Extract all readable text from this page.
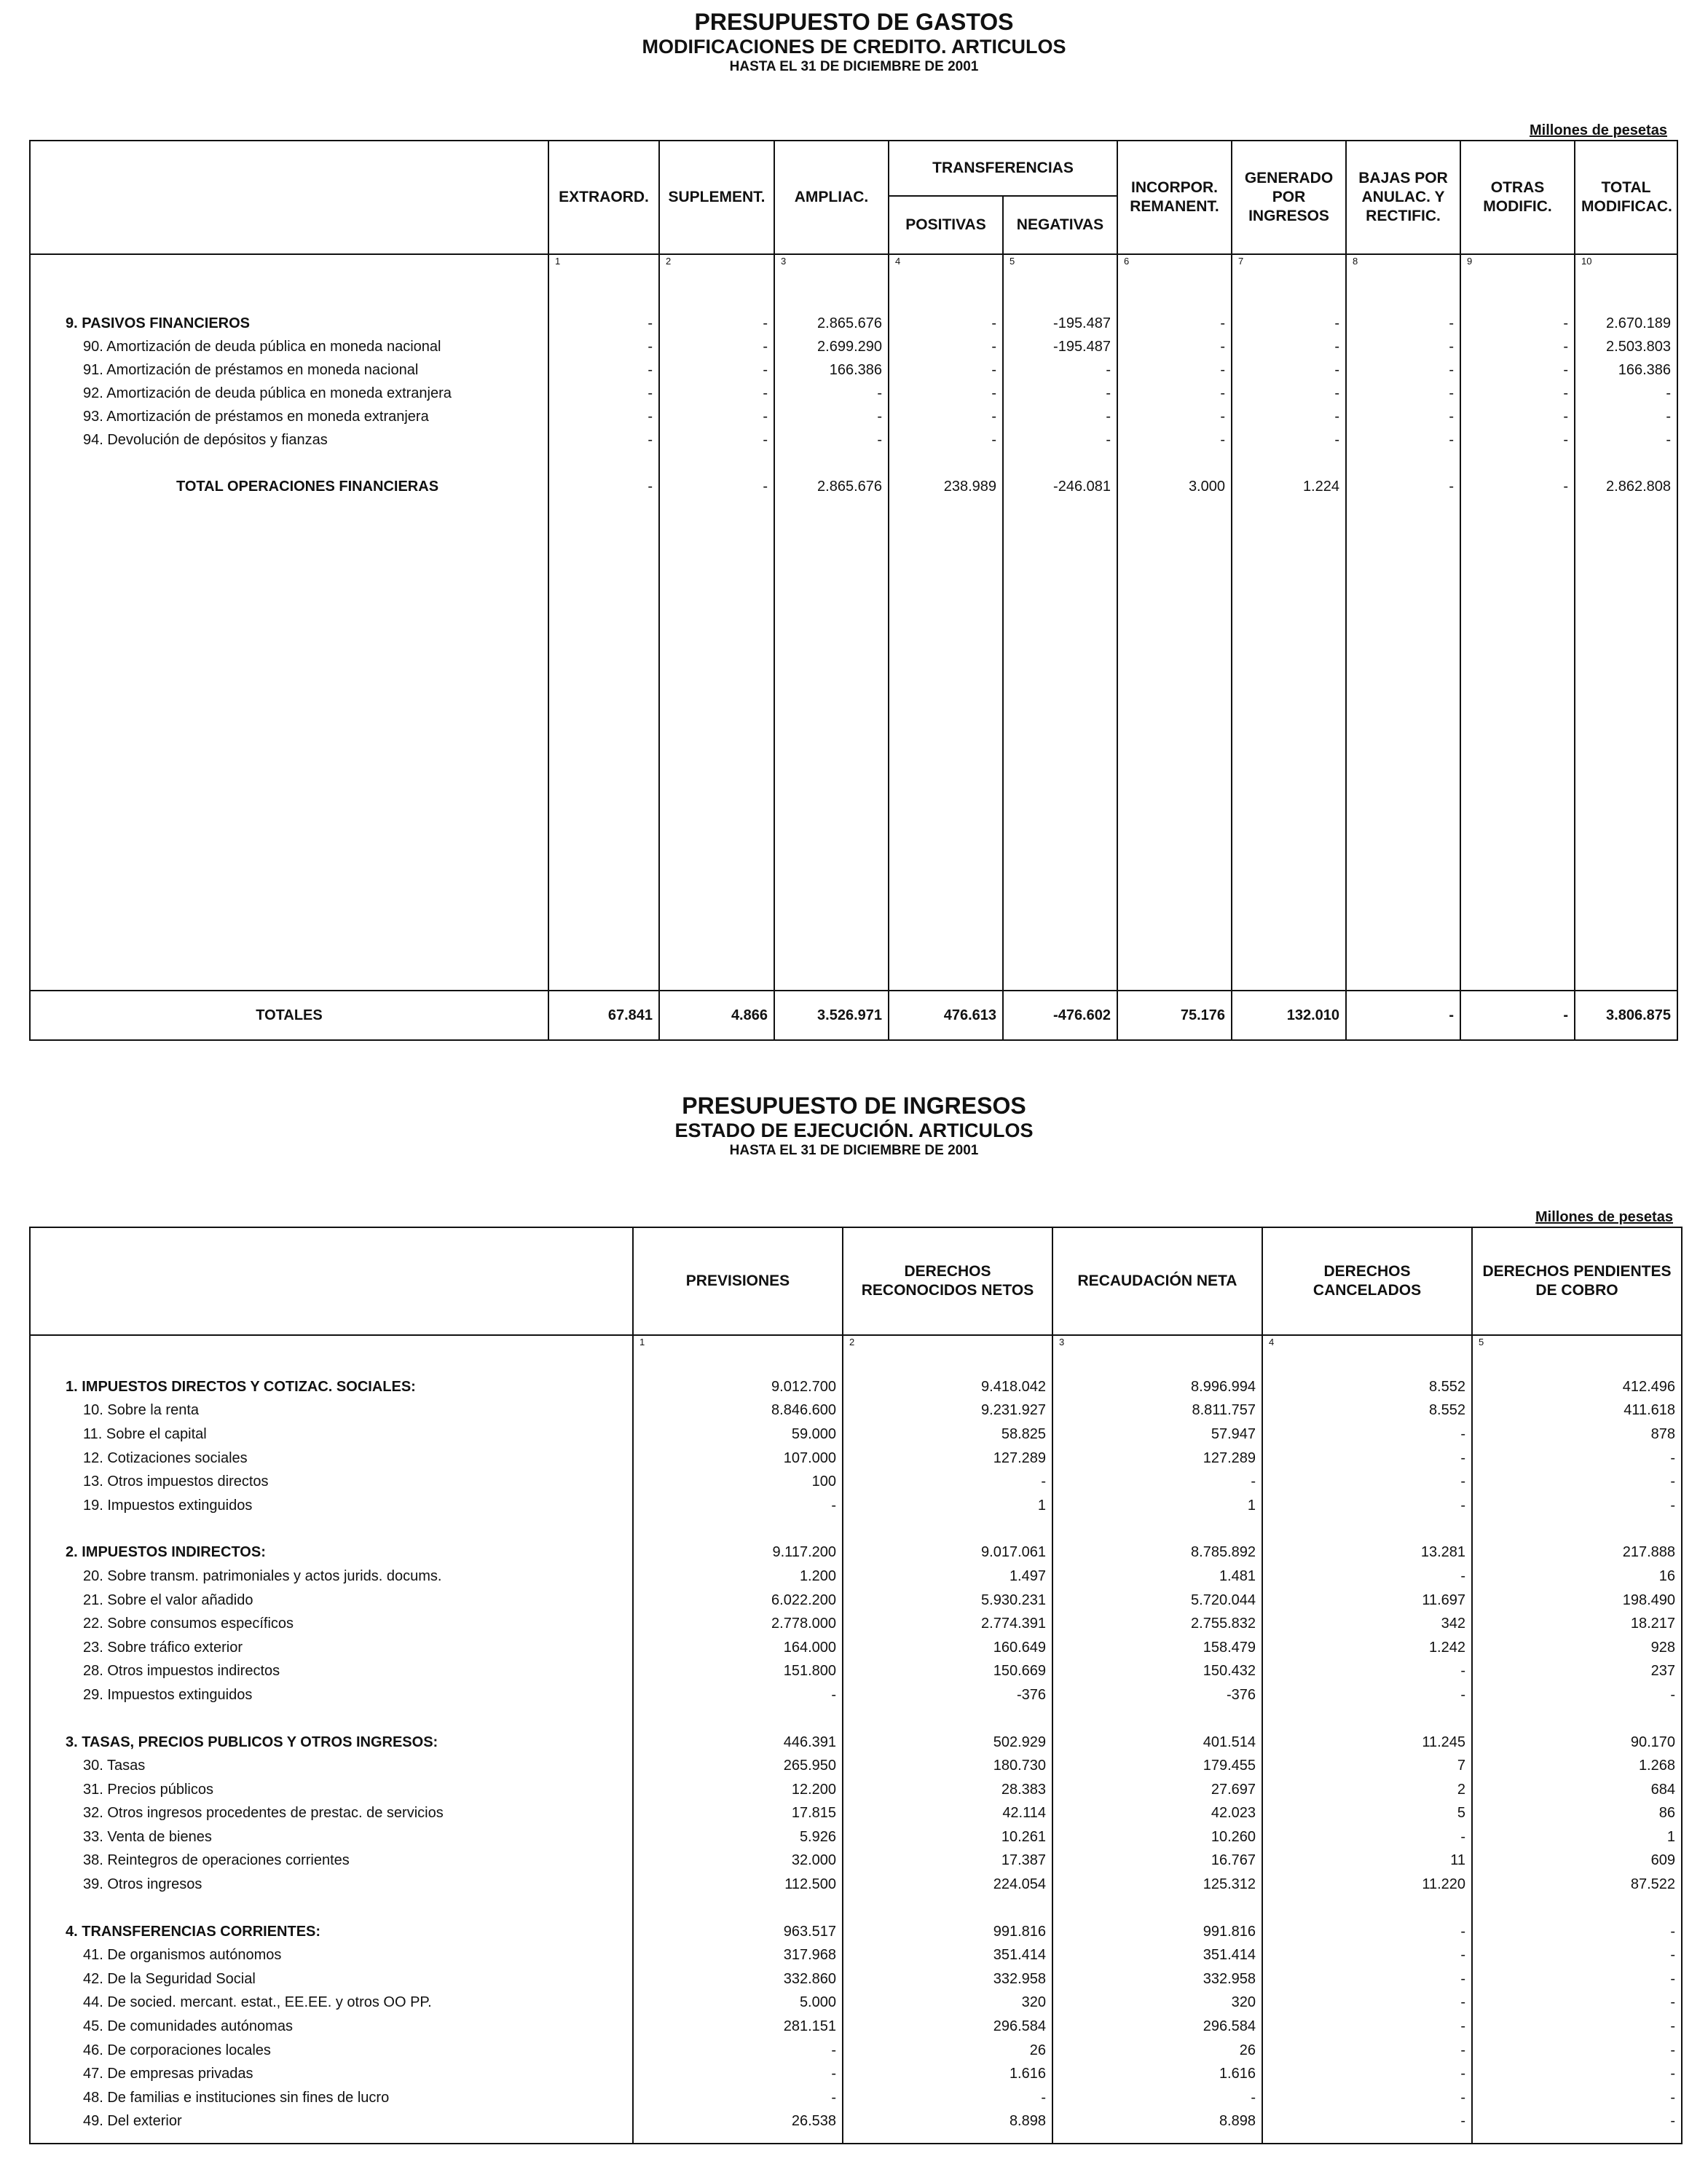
PRESUPUESTO DE GASTOS
MODIFICACIONES DE CREDITO. ARTICULOS
HASTA EL 31 DE DICIEMBRE DE 2001
Millones de pesetas
	EXTRAORD.	SUPLEMENT.	AMPLIAC.	TRANSFERENCIAS		INCORPOR. REMANENT.	GENERADO POR INGRESOS	BAJAS POR ANULAC. Y RECTIFIC.	OTRAS MODIFIC.	TOTAL MODIFICAC.
				POSITIVAS	NEGATIVAS					
	1	2	3	4	5	6	7	8	9	10

9. PASIVOS FINANCIEROS	-	-	2.865.676	-	-195.487	-	-	-	-	2.670.189
90. Amortización de deuda pública en moneda nacional	-	-	2.699.290	-	-195.487	-	-	-	-	2.503.803
91. Amortización de préstamos en moneda nacional	-	-	166.386	-	-	-	-	-	-	166.386
92. Amortización de deuda pública en moneda extranjera	-	-	-	-	-	-	-	-	-	-
93. Amortización de préstamos en moneda extranjera	-	-	-	-	-	-	-	-	-	-
94. Devolución de depósitos y fianzas	-	-	-	-	-	-	-	-	-	-

TOTAL OPERACIONES FINANCIERAS	-	-	2.865.676	238.989	-246.081	3.000	1.224	-	-	2.862.808

TOTALES	67.841	4.866	3.526.971	476.613	-476.602	75.176	132.010	-	-	3.806.875
PRESUPUESTO DE INGRESOS
ESTADO DE EJECUCIÓN. ARTICULOS
HASTA EL 31 DE DICIEMBRE DE 2001
Millones de pesetas
	PREVISIONES	DERECHOS RECONOCIDOS NETOS	RECAUDACIÓN NETA	DERECHOS CANCELADOS	DERECHOS PENDIENTES DE COBRO
	1	2	3	4	5

1. IMPUESTOS DIRECTOS Y COTIZAC. SOCIALES:	9.012.700	9.418.042	8.996.994	8.552	412.496
10. Sobre la renta	8.846.600	9.231.927	8.811.757	8.552	411.618
11. Sobre el capital	59.000	58.825	57.947	-	878
12. Cotizaciones sociales	107.000	127.289	127.289	-	-
13. Otros impuestos directos	100	-	-	-	-
19. Impuestos extinguidos	-	1	1	-	-

2. IMPUESTOS INDIRECTOS:	9.117.200	9.017.061	8.785.892	13.281	217.888
20. Sobre transm. patrimoniales y actos jurids. docums.	1.200	1.497	1.481	-	16
21. Sobre el valor añadido	6.022.200	5.930.231	5.720.044	11.697	198.490
22. Sobre consumos específicos	2.778.000	2.774.391	2.755.832	342	18.217
23. Sobre tráfico exterior	164.000	160.649	158.479	1.242	928
28. Otros impuestos indirectos	151.800	150.669	150.432	-	237
29. Impuestos extinguidos	-	-376	-376	-	-

3. TASAS, PRECIOS PUBLICOS Y OTROS INGRESOS:	446.391	502.929	401.514	11.245	90.170
30. Tasas	265.950	180.730	179.455	7	1.268
31. Precios públicos	12.200	28.383	27.697	2	684
32. Otros ingresos procedentes de prestac. de servicios	17.815	42.114	42.023	5	86
33. Venta de bienes	5.926	10.261	10.260	-	1
38. Reintegros de operaciones corrientes	32.000	17.387	16.767	11	609
39. Otros ingresos	112.500	224.054	125.312	11.220	87.522

4. TRANSFERENCIAS CORRIENTES:	963.517	991.816	991.816	-	-
41. De organismos autónomos	317.968	351.414	351.414	-	-
42. De la Seguridad Social	332.860	332.958	332.958	-	-
44. De socied. mercant. estat., EE.EE. y otros OO PP.	5.000	320	320	-	-
45. De comunidades autónomas	281.151	296.584	296.584	-	-
46. De corporaciones locales	-	26	26	-	-
47. De empresas privadas	-	1.616	1.616	-	-
48. De familias e instituciones sin fines de lucro	-	-	-	-	-
49. Del exterior	26.538	8.898	8.898	-	-
